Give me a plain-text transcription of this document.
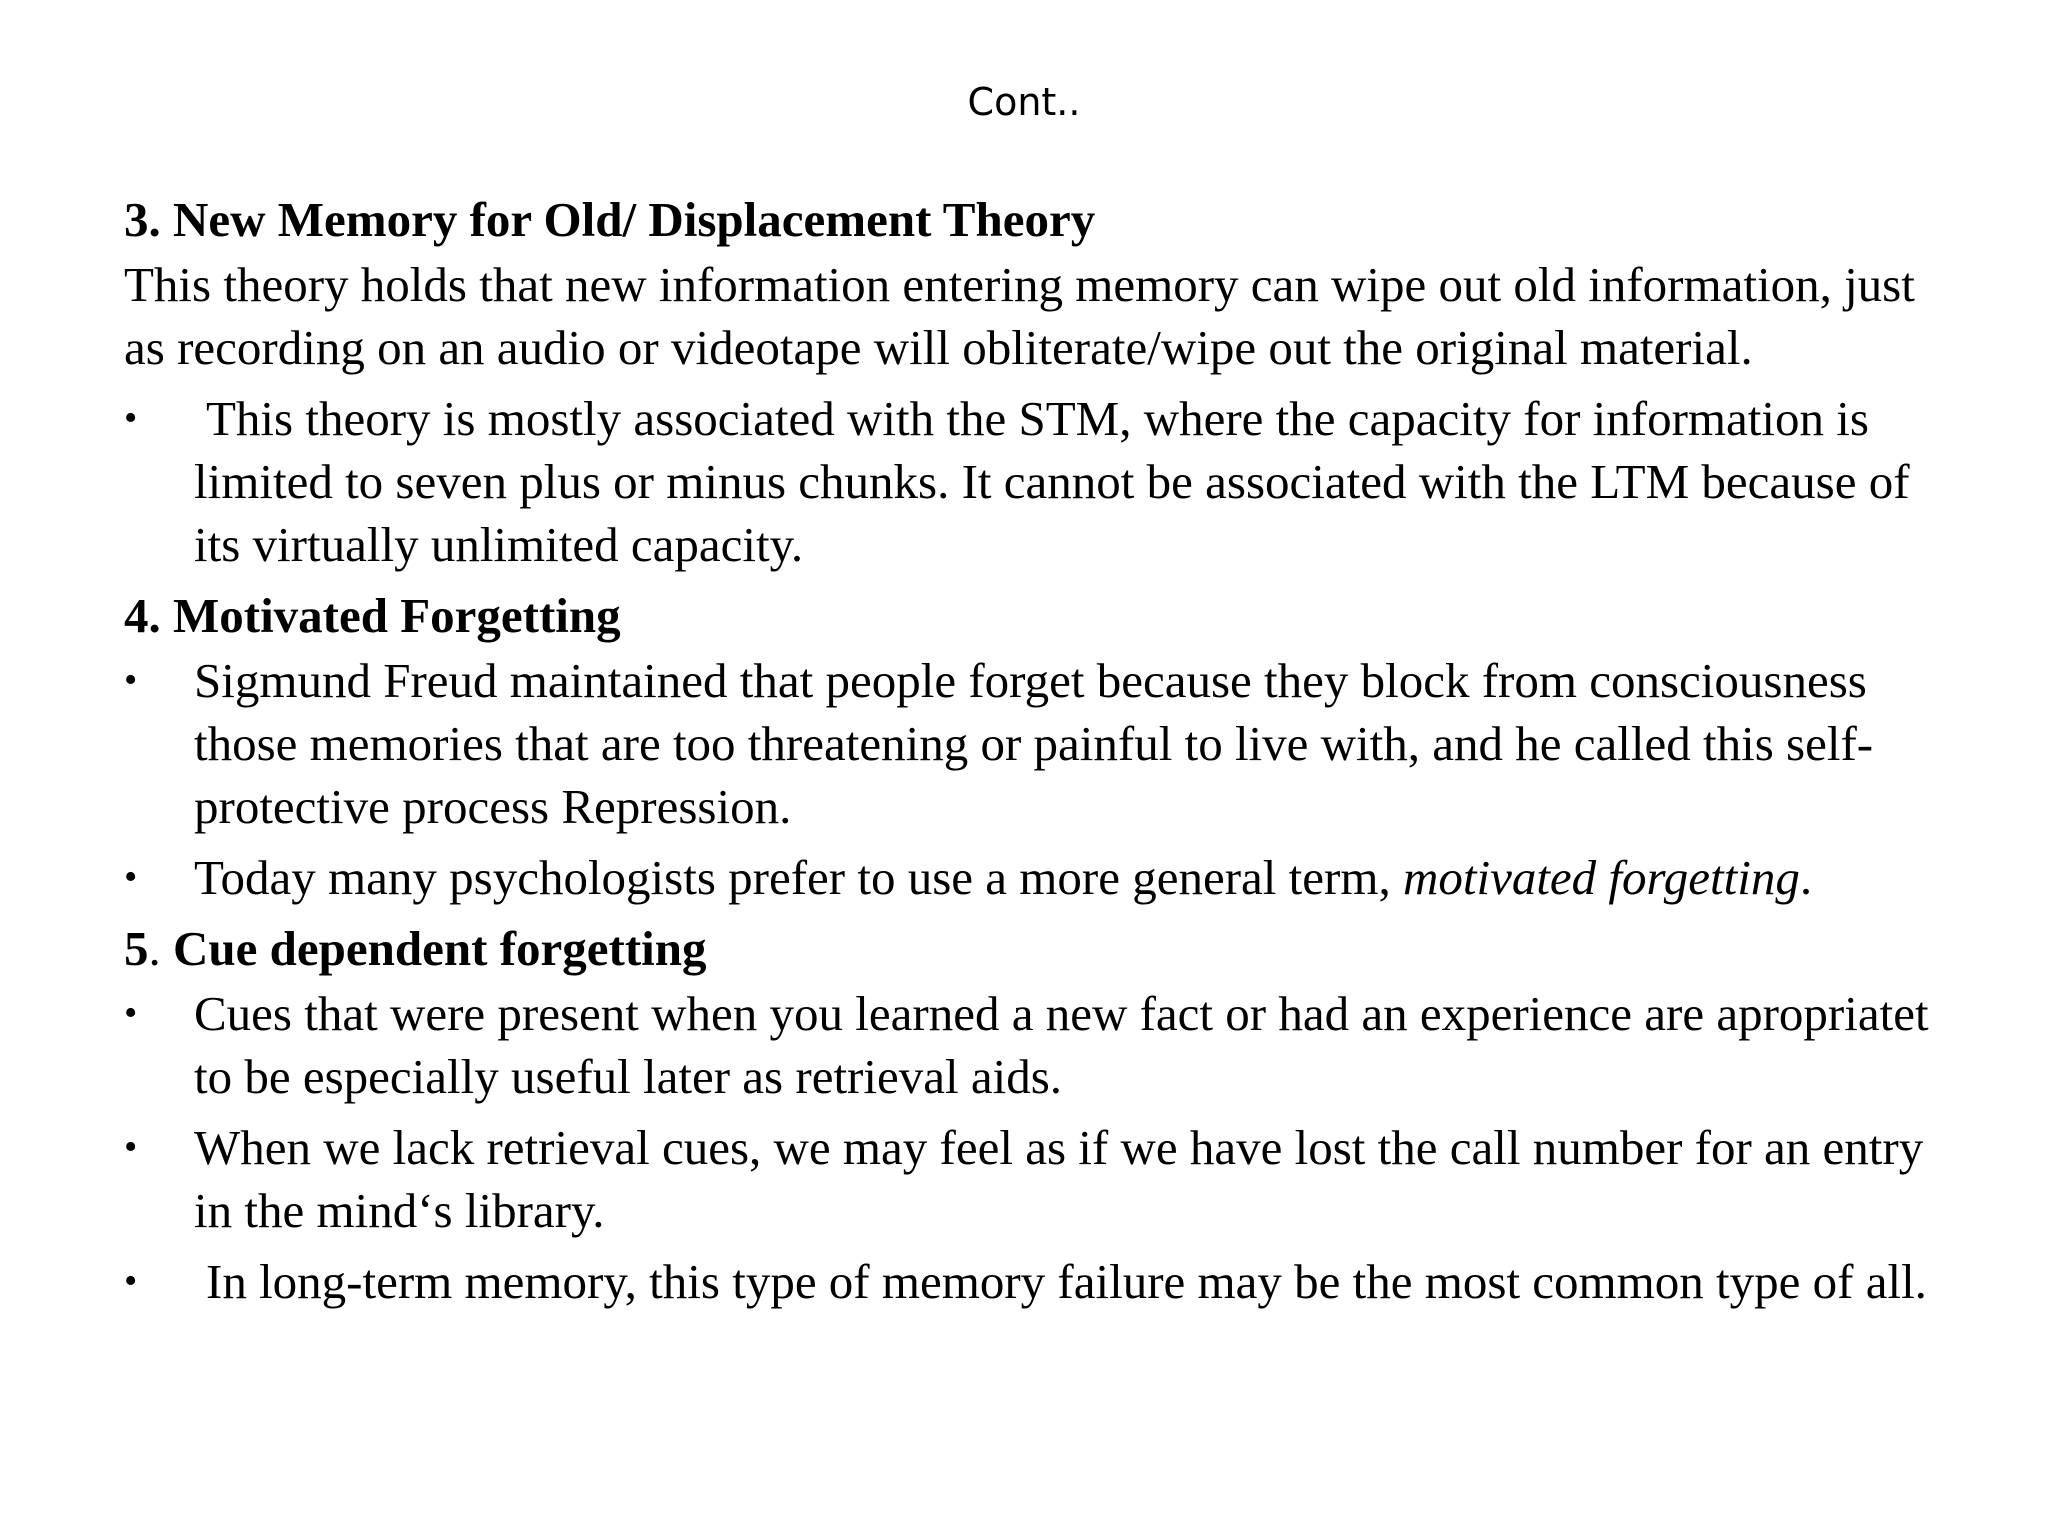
Cont..
3. New Memory for Old/ Displacement Theory
This theory holds that new information entering memory can wipe out old information, just as recording on an audio or videotape will obliterate/wipe out the original material.
•	This theory is mostly associated with the STM, where the capacity for information is limited to seven plus or minus chunks. It cannot be associated with the LTM because of its virtually unlimited capacity.
4. Motivated Forgetting
•	Sigmund Freud maintained that people forget because they block from consciousness those memories that are too threatening or painful to live with, and he called this self-protective process Repression.
•	Today many psychologists prefer to use a more general term, motivated forgetting.
5. Cue dependent forgetting
•	Cues that were present when you learned a new fact or had an experience are apropriatet to be especially useful later as retrieval aids.
•	When we lack retrieval cues, we may feel as if we have lost the call number for an entry in the mind‘s library.
•	In long-term memory, this type of memory failure may be the most common type of all.
